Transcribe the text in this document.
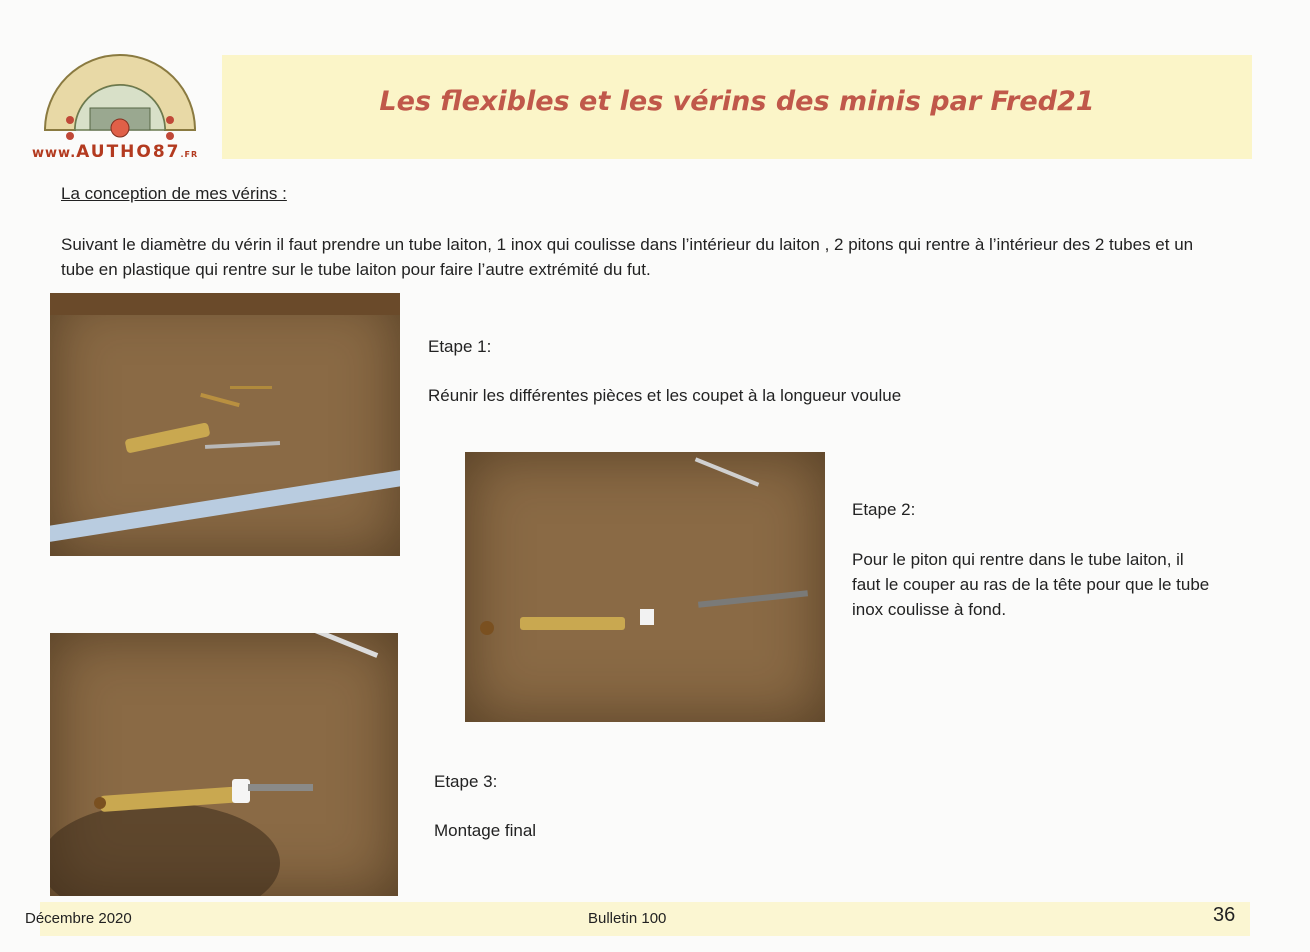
www.AUTHO87.FR
Les flexibles et les vérins des minis par Fred21
La conception de mes vérins :
Suivant le diamètre du vérin il faut prendre un tube laiton, 1 inox qui coulisse dans l’intérieur du laiton , 2 pitons qui rentre à l’intérieur des 2 tubes et un tube en plastique qui rentre sur le tube laiton pour faire l’autre extrémité du fut.
Etape 1:
Réunir les différentes pièces et les coupet à la longueur voulue
Etape 2:
Pour le piton qui rentre dans le tube laiton, il faut le couper au ras de la tête pour que le tube inox coulisse à fond.
Etape 3:
Montage final
Décembre 2020	Bulletin 100	36
